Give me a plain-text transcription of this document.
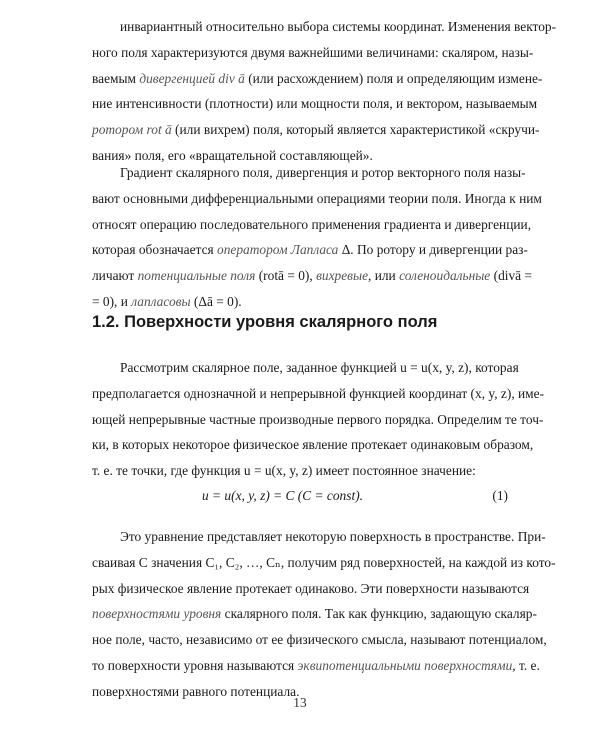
инвариантный относительно выбора системы координат. Изменения вектор-
ного поля характеризуются двумя важнейшими величинами: скаляром, назы-
ваемым дивергенцией div ā (или расхождением) поля и определяющим измене-
ние интенсивности (плотности) или мощности поля, и вектором, называемым
ротором rot ā (или вихрем) поля, который является характеристикой «скручи-
вания» поля, его «вращательной составляющей».

Градиент скалярного поля, дивергенция и ротор векторного поля назы-
вают основными дифференциальными операциями теории поля. Иногда к ним
относят операцию последовательного применения градиента и дивергенции,
которая обозначается оператором Лапласа Δ. По ротору и дивергенции раз-
личают потенциальные поля (rotā = 0), вихревые, или соленоидальные (divā =
= 0), и лапласовы (Δā = 0).

1.2. Поверхности уровня скалярного поля

Рассмотрим скалярное поле, заданное функцией u = u(x, y, z), которая
предполагается однозначной и непрерывной функцией координат (x, y, z), име-
ющей непрерывные частные производные первого порядка. Определим те точ-
ки, в которых некоторое физическое явление протекает одинаковым образом,
т. е. те точки, где функция u = u(x, y, z) имеет постоянное значение:

u = u(x, y, z) = C (C = const).	(1)

Это уравнение представляет некоторую поверхность в пространстве. При-
сваивая C значения C₁, C₂, …, Cₙ, получим ряд поверхностей, на каждой из кото-
рых физическое явление протекает одинаково. Эти поверхности называются
поверхностями уровня скалярного поля. Так как функцию, задающую скаляр-
ное поле, часто, независимо от ее физического смысла, называют потенциалом,
то поверхности уровня называются эквипотенциальными поверхностями, т. е.
поверхностями равного потенциала.

13
